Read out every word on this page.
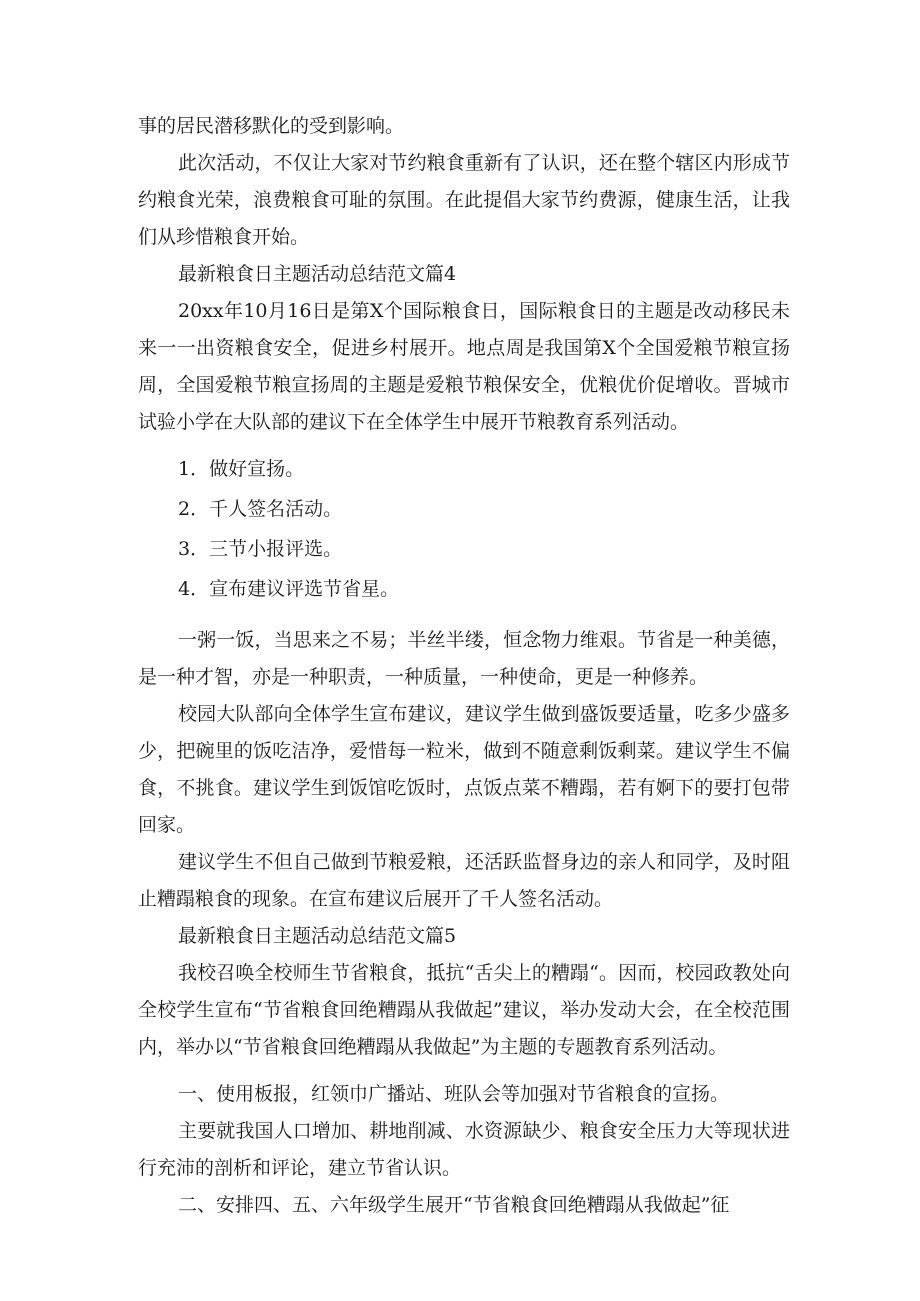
事的居民潜移默化的受到影响。

此次活动，不仅让大家对节约粮食重新有了认识，还在整个辖区内形成节约粮食光荣，浪费粮食可耻的氛围。在此提倡大家节约费源，健康生活，让我们从珍惜粮食开始。

最新粮食日主题活动总结范文篇4

20xx年10月16日是第X个国际粮食日，国际粮食日的主题是改动移民未来一一出资粮食安全，促进乡村展开。地点周是我国第X个全国爱粮节粮宣扬周，全国爱粮节粮宣扬周的主题是爱粮节粮保安全，优粮优价促增收。晋城市试验小学在大队部的建议下在全体学生中展开节粮教育系列活动。

1．做好宣扬。

2．千人签名活动。

3．三节小报评选。

4．宣布建议评选节省星。

一粥一饭，当思来之不易；半丝半缕，恒念物力维艰。节省是一种美德，是一种才智，亦是一种职责，一种质量，一种使命，更是一种修养。

校园大队部向全体学生宣布建议，建议学生做到盛饭要适量，吃多少盛多少，把碗里的饭吃洁净，爱惜每一粒米，做到不随意剩饭剩菜。建议学生不偏食，不挑食。建议学生到饭馆吃饭时，点饭点菜不糟蹋，若有婀下的要打包带回家。

建议学生不但自己做到节粮爱粮，还活跃监督身边的亲人和同学，及时阻止糟蹋粮食的现象。在宣布建议后展开了千人签名活动。

最新粮食日主题活动总结范文篇5

我校召唤全校师生节省粮食，抵抗“舌尖上的糟蹋“。因而，校园政教处向全校学生宣布“节省粮食回绝糟蹋从我做起”建议，举办发动大会，在全校范围内，举办以“节省粮食回绝糟蹋从我做起”为主题的专题教育系列活动。

一、使用板报，红领巾广播站、班队会等加强对节省粮食的宣扬。

主要就我国人口增加、耕地削减、水资源缺少、粮食安全压力大等现状进行充沛的剖析和评论，建立节省认识。

二、安排四、五、六年级学生展开“节省粮食回绝糟蹋从我做起”征
